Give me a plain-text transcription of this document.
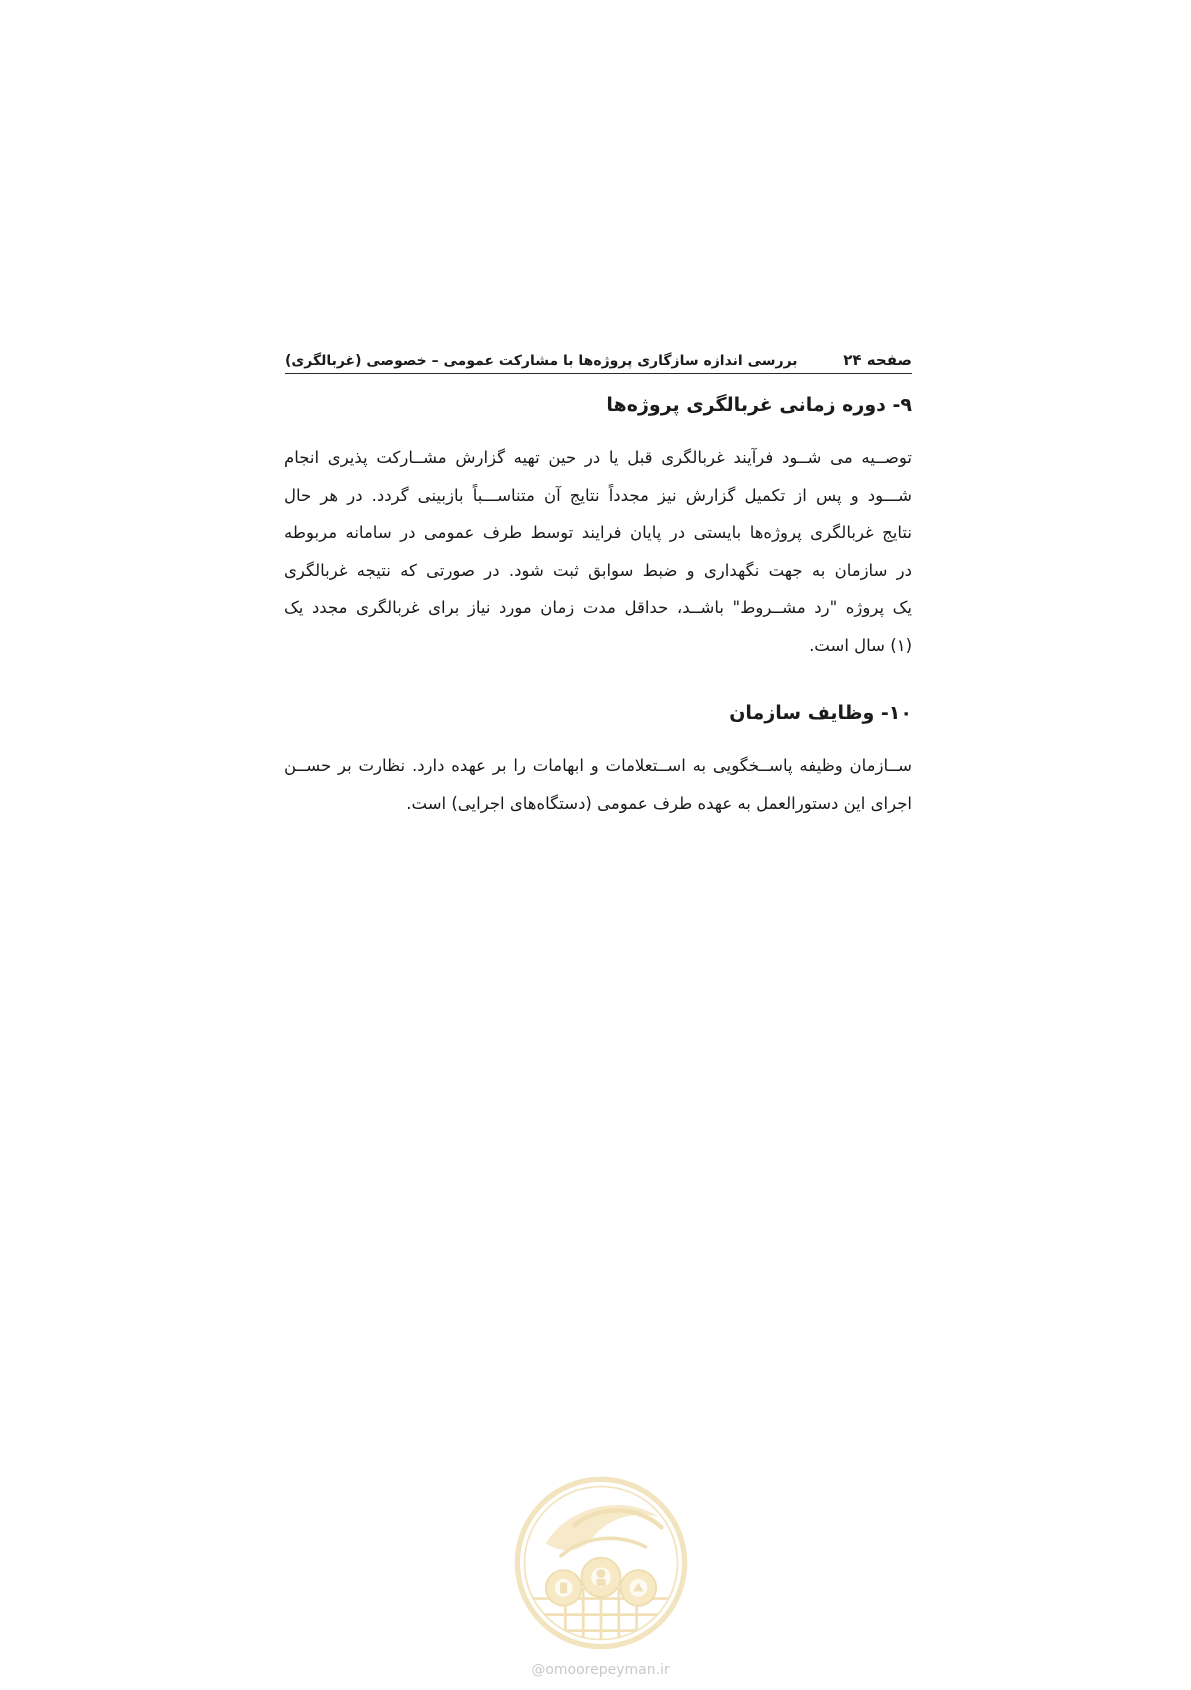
صفحه ۲۴
بررسی اندازه سازگاری پروژه‌ها با مشارکت عمومی – خصوصی (غربالگری)
۹- دوره زمانی غربالگری پروژه‌ها
توصــیه می شــود فرآیند غربالگری قبل یا در حین تهیه گزارش مشــارکت پذیری انجام
شـــود و پس از تکمیل گزارش نیز مجدداً نتایج آن متناســـباً بازبینی گردد. در هر حال
نتایج غربالگری پروژه‌ها بایستی در پایان فرایند توسط طرف عمومی در سامانه مربوطه
در سازمان به جهت نگهداری و ضبط سوابق ثبت شود. در صورتی که نتیجه غربالگری
یک پروژه "رد مشــروط" باشــد، حداقل مدت زمان مورد نیاز برای غربالگری مجدد یک
(۱) سال است.
۱۰- وظایف سازمان
ســازمان وظیفه پاســخگویی به اســتعلامات و ابهامات را بر عهده دارد. نظارت بر حســن
اجرای این دستورالعمل به عهده طرف عمومی (دستگاه‌های اجرایی) است.
@omoorepeyman.ir
